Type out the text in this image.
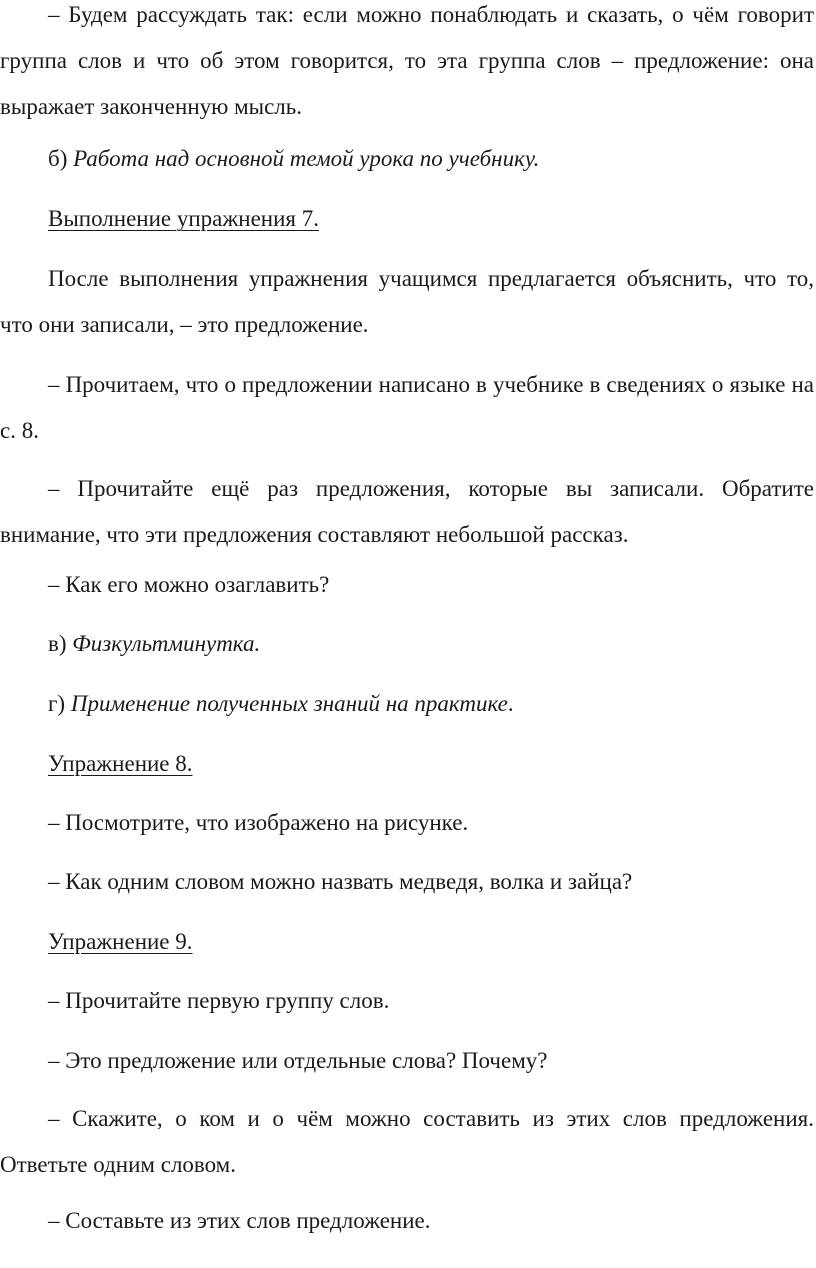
– Будем рассуждать так: если можно понаблюдать и сказать, о чём говорит группа слов и что об этом говорится, то эта группа слов – предложение: она выражает законченную мысль.

б) Работа над основной темой урока по учебнику.

Выполнение упражнения 7.

После выполнения упражнения учащимся предлагается объяснить, что то, что они записали, – это предложение.

– Прочитаем, что о предложении написано в учебнике в сведениях о языке на с. 8.

– Прочитайте ещё раз предложения, которые вы записали. Обратите внимание, что эти предложения составляют небольшой рассказ.

– Как его можно озаглавить?

в) Физкультминутка.

г) Применение полученных знаний на практике.

Упражнение 8.

– Посмотрите, что изображено на рисунке.

– Как одним словом можно назвать медведя, волка и зайца?

Упражнение 9.

– Прочитайте первую группу слов.

– Это предложение или отдельные слова? Почему?

– Скажите, о ком и о чём можно составить из этих слов предложения. Ответьте одним словом.

– Составьте из этих слов предложение.
